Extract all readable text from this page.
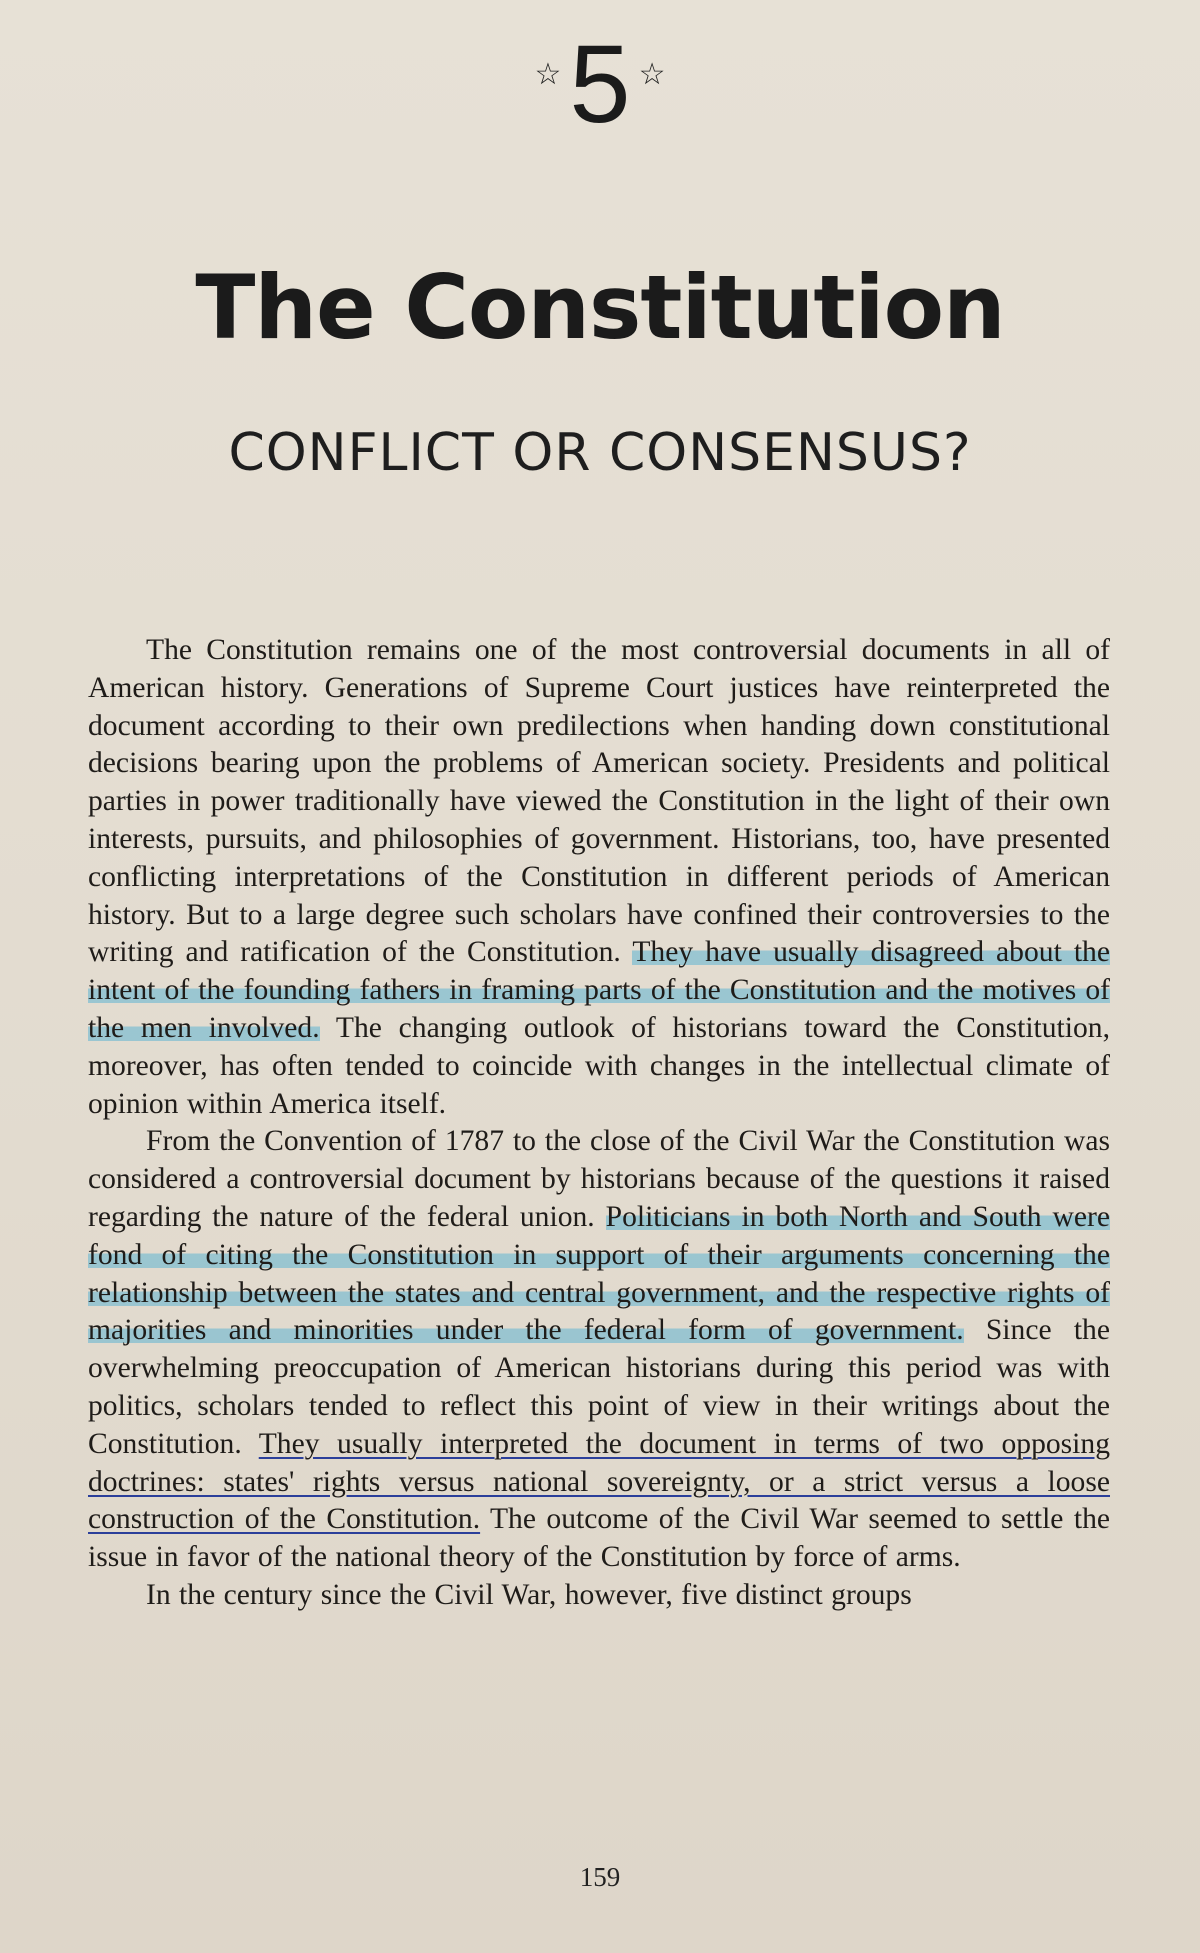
☆5 ☆
The Constitution
CONFLICT OR CONSENSUS?

The Constitution remains one of the most controversial documents in all of American history. Generations of Supreme Court justices have reinterpreted the document according to their own predilections when handing down constitutional decisions bearing upon the problems of American society. Presidents and political parties in power traditionally have viewed the Constitution in the light of their own interests, pursuits, and philosophies of government. Historians, too, have presented conflicting interpretations of the Constitution in different periods of American history. But to a large degree such scholars have confined their controversies to the writing and ratification of the Constitution. They have usually disagreed about the intent of the founding fathers in framing parts of the Constitution and the motives of the men involved. The changing outlook of historians toward the Constitution, moreover, has often tended to coincide with changes in the intellectual climate of opinion within America itself.

From the Convention of 1787 to the close of the Civil War the Constitution was considered a controversial document by historians because of the questions it raised regarding the nature of the federal union. Politicians in both North and South were fond of citing the Constitution in support of their arguments concerning the relationship between the states and central government, and the respective rights of majorities and minorities under the federal form of government. Since the overwhelming preoccupation of American historians during this period was with politics, scholars tended to reflect this point of view in their writings about the Constitution. They usually interpreted the document in terms of two opposing doctrines: states' rights versus national sovereignty, or a strict versus a loose construction of the Constitution. The outcome of the Civil War seemed to settle the issue in favor of the national theory of the Constitution by force of arms.

In the century since the Civil War, however, five distinct groups

159
